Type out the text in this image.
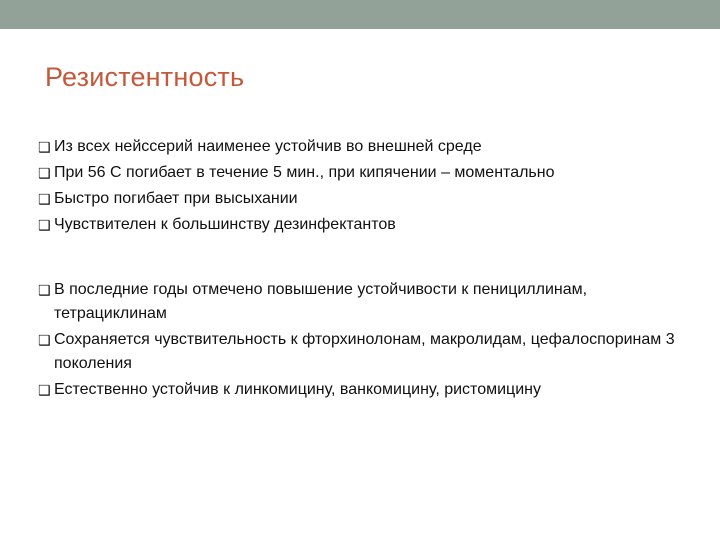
Резистентность
❑ Из всех нейссерий наименее устойчив во внешней среде
❑ При 56 С погибает в течение 5 мин., при кипячении – моментально
❑ Быстро погибает при высыхании
❑ Чувствителен к большинству дезинфектантов
❑ В последние годы отмечено повышение устойчивости к пенициллинам, тетрациклинам
❑ Сохраняется чувствительность к фторхинолонам, макролидам, цефалоспоринам 3 поколения
❑ Естественно устойчив к линкомицину, ванкомицину, ристомицину
